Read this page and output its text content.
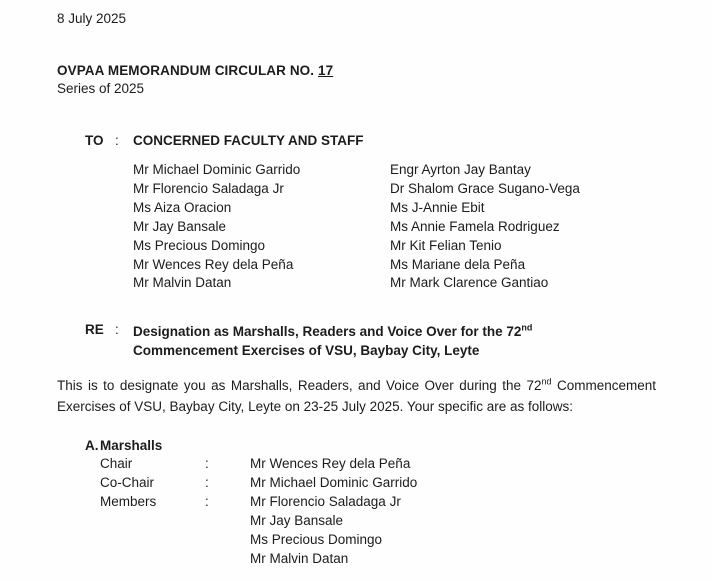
8 July 2025
OVPAA MEMORANDUM CIRCULAR NO. 17
Series of 2025
TO :	CONCERNED FACULTY AND STAFF
Mr Michael Dominic Garrido
Mr Florencio Saladaga Jr
Ms Aiza Oracion
Mr Jay Bansale
Ms Precious Domingo
Mr Wences Rey dela Peña
Mr Malvin Datan
Engr Ayrton Jay Bantay
Dr Shalom Grace Sugano-Vega
Ms J-Annie Ebit
Ms Annie Famela Rodriguez
Mr Kit Felian Tenio
Ms Mariane dela Peña
Mr Mark Clarence Gantiao
RE :	Designation as Marshalls, Readers and Voice Over for the 72nd
Commencement Exercises of VSU, Baybay City, Leyte

This is to designate you as Marshalls, Readers, and Voice Over during the 72nd Commencement Exercises of VSU, Baybay City, Leyte on 23-25 July 2025. Your specific are as follows:

A. Marshalls
Chair	:	Mr Wences Rey dela Peña
Co-Chair	:	Mr Michael Dominic Garrido
Members	:	Mr Florencio Saladaga Jr
Mr Jay Bansale
Ms Precious Domingo
Mr Malvin Datan
